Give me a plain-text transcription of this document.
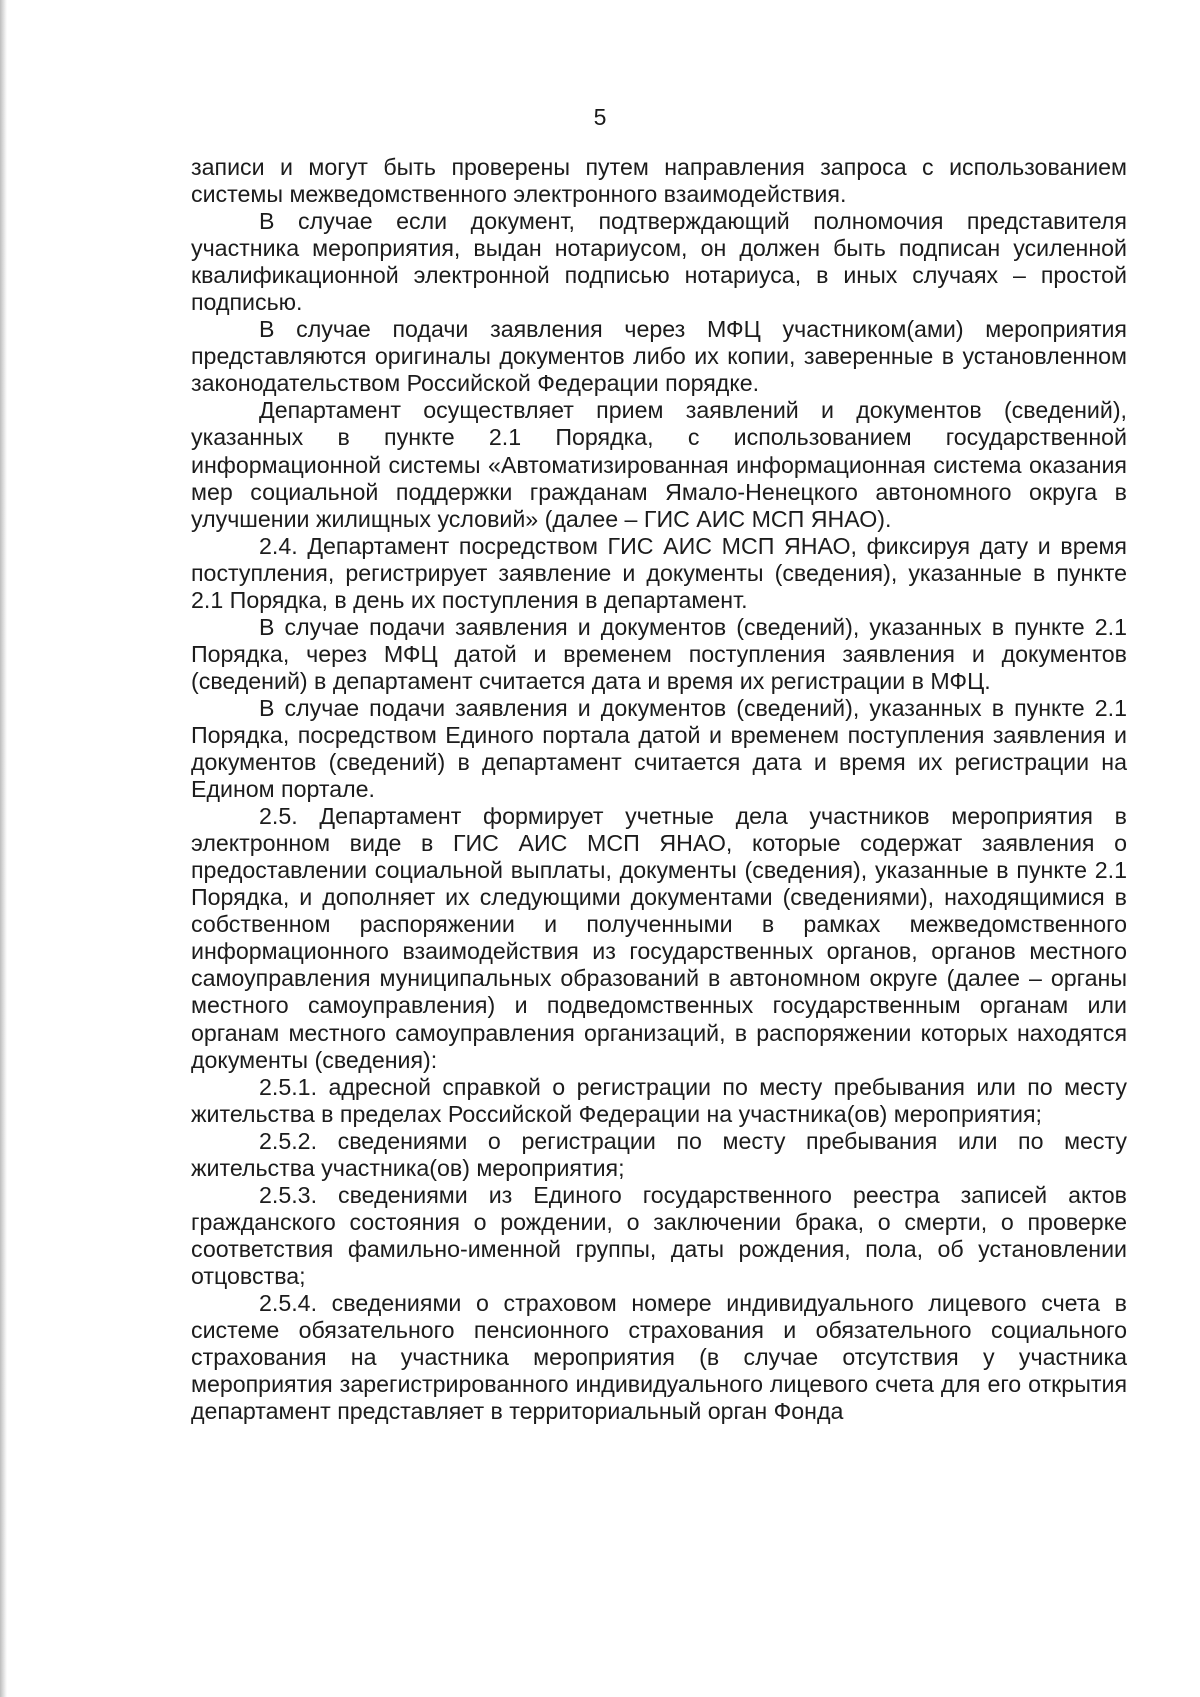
5

записи и могут быть проверены путем направления запроса с использованием системы межведомственного электронного взаимодействия.

В случае если документ, подтверждающий полномочия представителя участника мероприятия, выдан нотариусом, он должен быть подписан усиленной квалификационной электронной подписью нотариуса, в иных случаях – простой подписью.

В случае подачи заявления через МФЦ участником(ами) мероприятия представляются оригиналы документов либо их копии, заверенные в установленном законодательством Российской Федерации порядке.

Департамент осуществляет прием заявлений и документов (сведений), указанных в пункте 2.1 Порядка, с использованием государственной информационной системы «Автоматизированная информационная система оказания мер социальной поддержки гражданам Ямало-Ненецкого автономного округа в улучшении жилищных условий» (далее – ГИС АИС МСП ЯНАО).

2.4. Департамент посредством ГИС АИС МСП ЯНАО, фиксируя дату и время поступления, регистрирует заявление и документы (сведения), указанные в пункте 2.1 Порядка, в день их поступления в департамент.

В случае подачи заявления и документов (сведений), указанных в пункте 2.1 Порядка, через МФЦ датой и временем поступления заявления и документов (сведений) в департамент считается дата и время их регистрации в МФЦ.

В случае подачи заявления и документов (сведений), указанных в пункте 2.1 Порядка, посредством Единого портала датой и временем поступления заявления и документов (сведений) в департамент считается дата и время их регистрации на Едином портале.

2.5. Департамент формирует учетные дела участников мероприятия в электронном виде в ГИС АИС МСП ЯНАО, которые содержат заявления о предоставлении социальной выплаты, документы (сведения), указанные в пункте 2.1 Порядка, и дополняет их следующими документами (сведениями), находящимися в собственном распоряжении и полученными в рамках межведомственного информационного взаимодействия из государственных органов, органов местного самоуправления муниципальных образований в автономном округе (далее – органы местного самоуправления) и подведомственных государственным органам или органам местного самоуправления организаций, в распоряжении которых находятся документы (сведения):

2.5.1. адресной справкой о регистрации по месту пребывания или по месту жительства в пределах Российской Федерации на участника(ов) мероприятия;

2.5.2. сведениями о регистрации по месту пребывания или по месту жительства участника(ов) мероприятия;

2.5.3. сведениями из Единого государственного реестра записей актов гражданского состояния о рождении, о заключении брака, о смерти, о проверке соответствия фамильно-именной группы, даты рождения, пола, об установлении отцовства;

2.5.4. сведениями о страховом номере индивидуального лицевого счета в системе обязательного пенсионного страхования и обязательного социального страхования на участника мероприятия (в случае отсутствия у участника мероприятия зарегистрированного индивидуального лицевого счета для его открытия департамент представляет в территориальный орган Фонда
